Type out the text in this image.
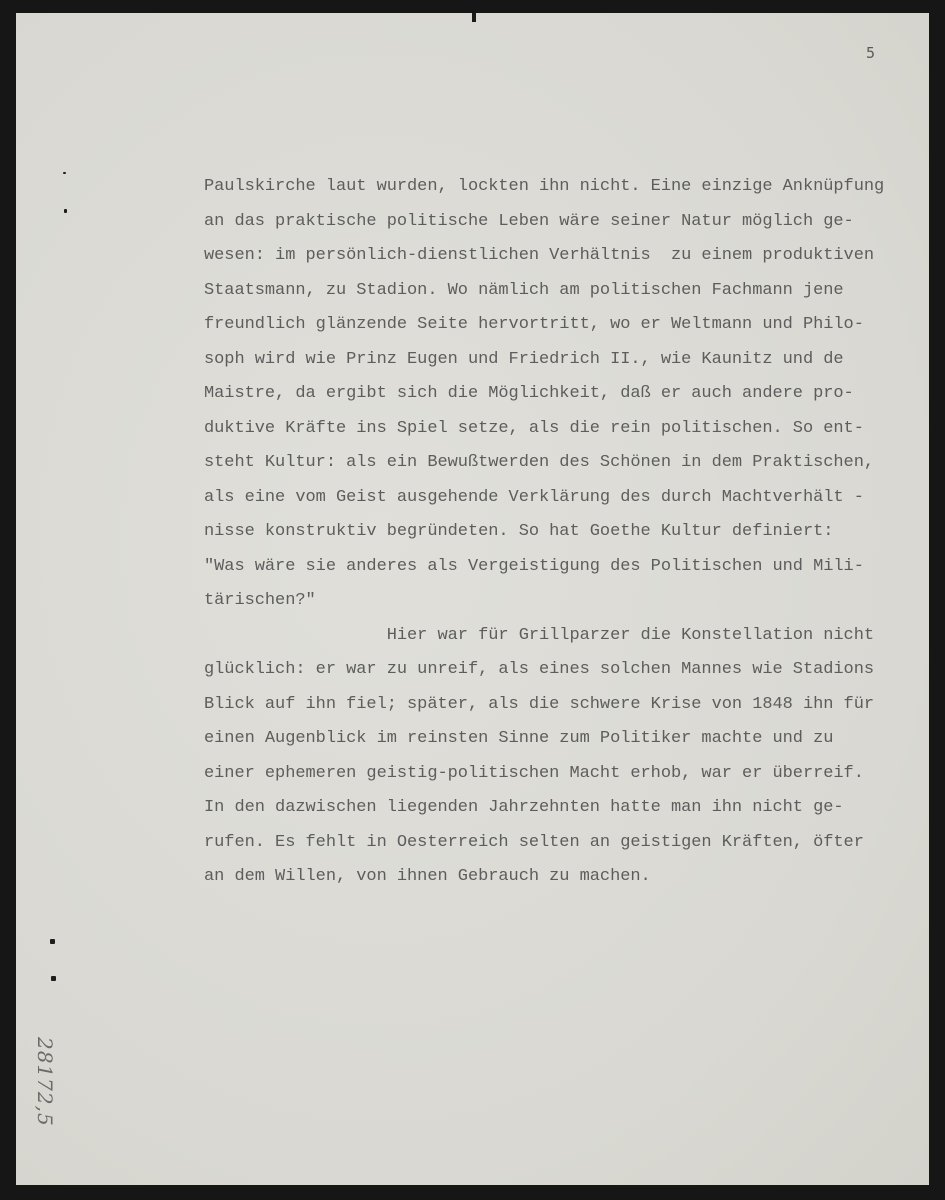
5
Paulskirche laut wurden, lockten ihn nicht. Eine einzige Anknüpfung
an das praktische politische Leben wäre seiner Natur möglich ge-
wesen: im persönlich-dienstlichen Verhältnis  zu einem produktiven
Staatsmann, zu Stadion. Wo nämlich am politischen Fachmann jene
freundlich glänzende Seite hervortritt, wo er Weltmann und Philo-
soph wird wie Prinz Eugen und Friedrich II., wie Kaunitz und de
Maistre, da ergibt sich die Möglichkeit, daß er auch andere pro-
duktive Kräfte ins Spiel setze, als die rein politischen. So ent-
steht Kultur: als ein Bewußtwerden des Schönen in dem Praktischen,
als eine vom Geist ausgehende Verklärung des durch Machtverhält -
nisse konstruktiv begründeten. So hat Goethe Kultur definiert:
"Was wäre sie anderes als Vergeistigung des Politischen und Mili-
tärischen?"
Hier war für Grillparzer die Konstellation nicht
glücklich: er war zu unreif, als eines solchen Mannes wie Stadions
Blick auf ihn fiel; später, als die schwere Krise von 1848 ihn für
einen Augenblick im reinsten Sinne zum Politiker machte und zu
einer ephemeren geistig-politischen Macht erhob, war er überreif.
In den dazwischen liegenden Jahrzehnten hatte man ihn nicht ge-
rufen. Es fehlt in Oesterreich selten an geistigen Kräften, öfter
an dem Willen, von ihnen Gebrauch zu machen.
28172,5
